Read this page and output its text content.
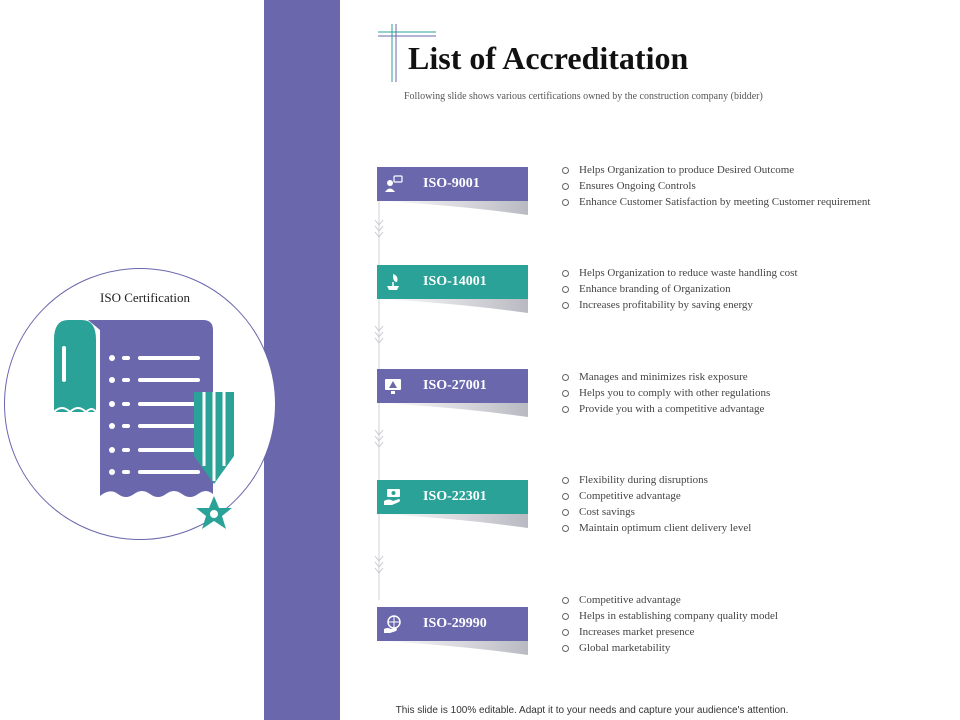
ISO Certification
List of Accreditation
Following slide shows various certifications owned by the construction company (bidder)
ISO-9001
Helps Organization to produce Desired Outcome
Ensures Ongoing Controls
Enhance Customer Satisfaction by meeting Customer requirement
ISO-14001
Helps Organization to reduce waste handling cost
Enhance branding of Organization
Increases profitability by saving energy
ISO-27001
Manages and minimizes risk exposure
Helps you to comply with other regulations
Provide you with a competitive advantage
ISO-22301
Flexibility during disruptions
Competitive advantage
Cost savings
Maintain optimum client delivery level
ISO-29990
Competitive advantage
Helps in establishing company quality model
Increases market presence
Global marketability
This slide is 100% editable. Adapt it to your needs and capture your audience's attention.
